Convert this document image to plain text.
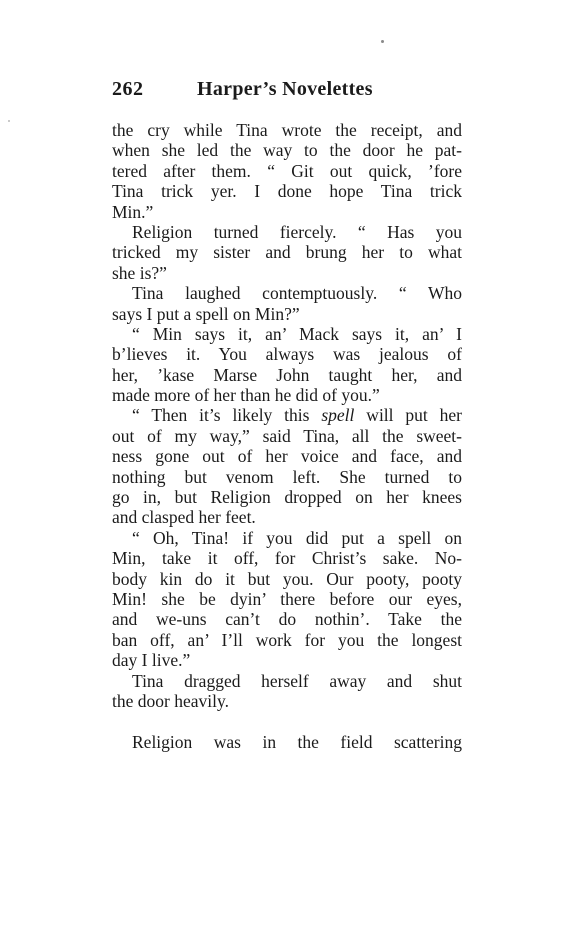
262	Harper’s Novelettes
the cry while Tina wrote the receipt, and
when she led the way to the door he pat-
tered after them. “ Git out quick, ’fore
Tina trick yer. I done hope Tina trick
Min.”
Religion turned fiercely. “ Has you
tricked my sister and brung her to what
she is?”
Tina laughed contemptuously. “ Who
says I put a spell on Min?”
“ Min says it, an’ Mack says it, an’ I
b’lieves it. You always was jealous of
her, ’kase Marse John taught her, and
made more of her than he did of you.”
“ Then it’s likely this spell will put her
out of my way,” said Tina, all the sweet-
ness gone out of her voice and face, and
nothing but venom left. She turned to
go in, but Religion dropped on her knees
and clasped her feet.
“ Oh, Tina! if you did put a spell on
Min, take it off, for Christ’s sake. No-
body kin do it but you. Our pooty, pooty
Min! she be dyin’ there before our eyes,
and we-uns can’t do nothin’. Take the
ban off, an’ I’ll work for you the longest
day I live.”
Tina dragged herself away and shut
the door heavily.
Religion was in the field scattering
